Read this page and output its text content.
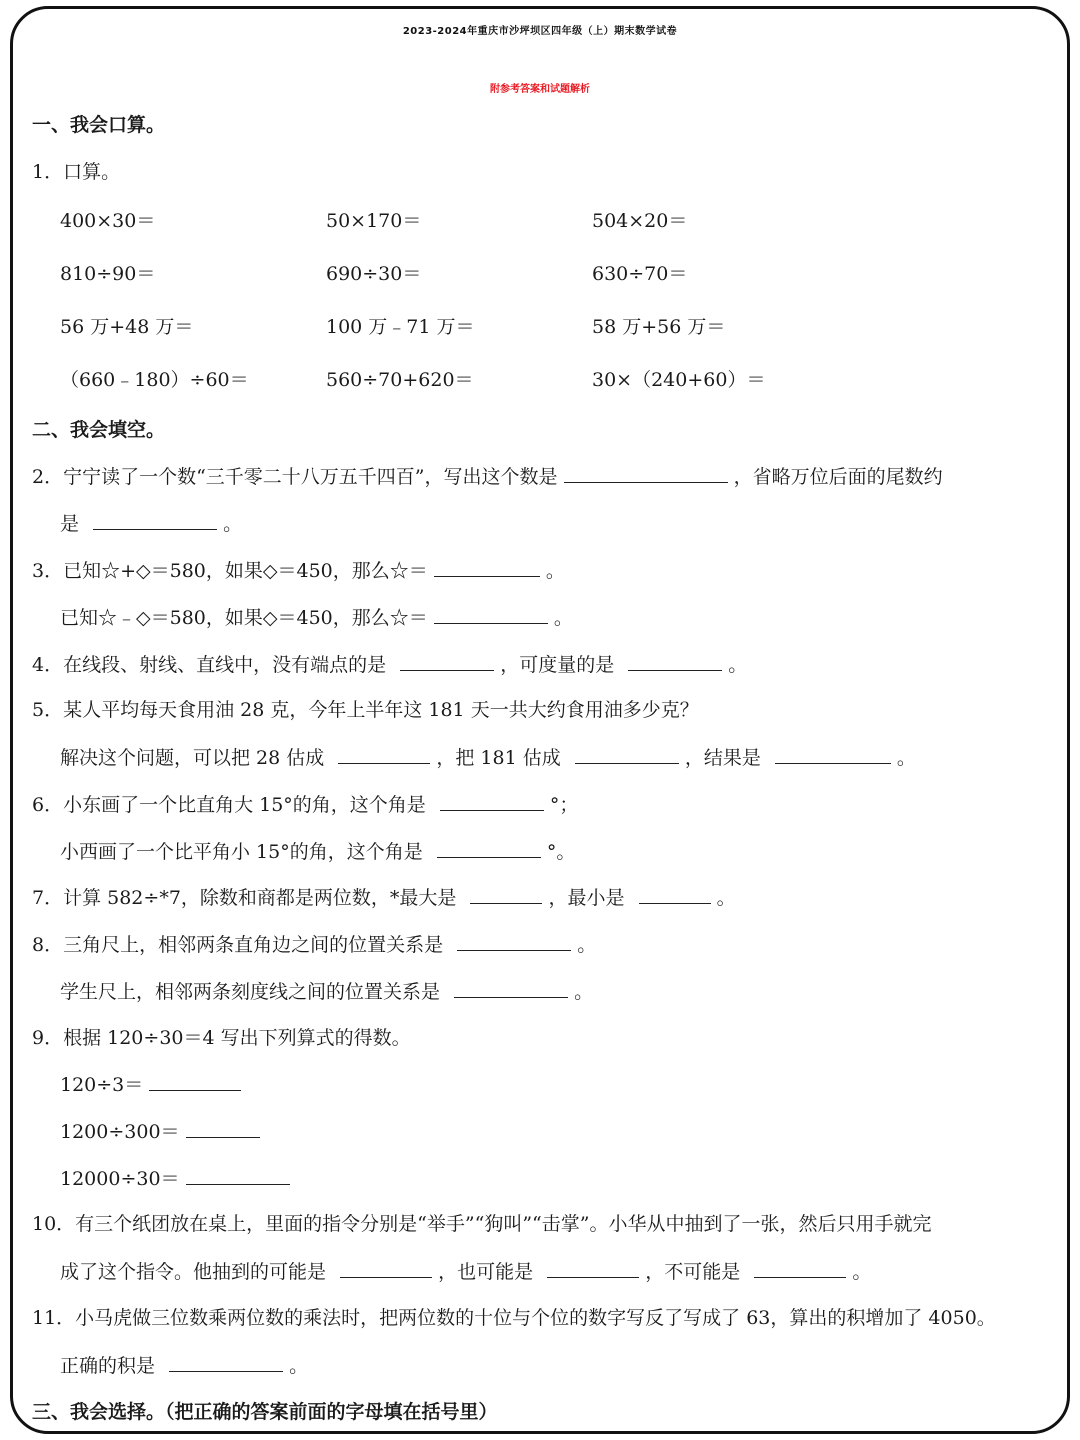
2023-2024年重庆市沙坪坝区四年级（上）期末数学试卷
附参考答案和试题解析
一、我会口算。
1．口算。
400×30＝	50×170＝	504×20＝
810÷90＝	690÷30＝	630÷70＝
56 万+48 万＝	100 万﹣71 万＝	58 万+56 万＝
（660﹣180）÷60＝	560÷70+620＝	30×（240+60）＝
二、我会填空。
2．宁宁读了一个数“三千零二十八万五千四百”，写出这个数是	，省略万位后面的尾数约
是	。
3．已知☆+◇＝580，如果◇＝450，那么☆＝	。
已知☆﹣◇＝580，如果◇＝450，那么☆＝	。
4．在线段、射线、直线中，没有端点的是	，可度量的是	。
5．某人平均每天食用油 28 克，今年上半年这 181 天一共大约食用油多少克？
解决这个问题，可以把 28 估成	，把 181 估成	，结果是	。
6．小东画了一个比直角大 15°的角，这个角是	°；
小西画了一个比平角小 15°的角，这个角是	°。
7．计算 582÷*7，除数和商都是两位数，*最大是	，最小是	。
8．三角尺上，相邻两条直角边之间的位置关系是	。
学生尺上，相邻两条刻度线之间的位置关系是	。
9．根据 120÷30＝4 写出下列算式的得数。
120÷3＝
1200÷300＝
12000÷30＝
10．有三个纸团放在桌上，里面的指令分别是“举手”“狗叫”“击掌”。小华从中抽到了一张，然后只用手就完
成了这个指令。他抽到的可能是	，也可能是	，不可能是	。
11．小马虎做三位数乘两位数的乘法时，把两位数的十位与个位的数字写反了写成了 63，算出的积增加了 4050。
正确的积是	。
三、我会选择。（把正确的答案前面的字母填在括号里）
